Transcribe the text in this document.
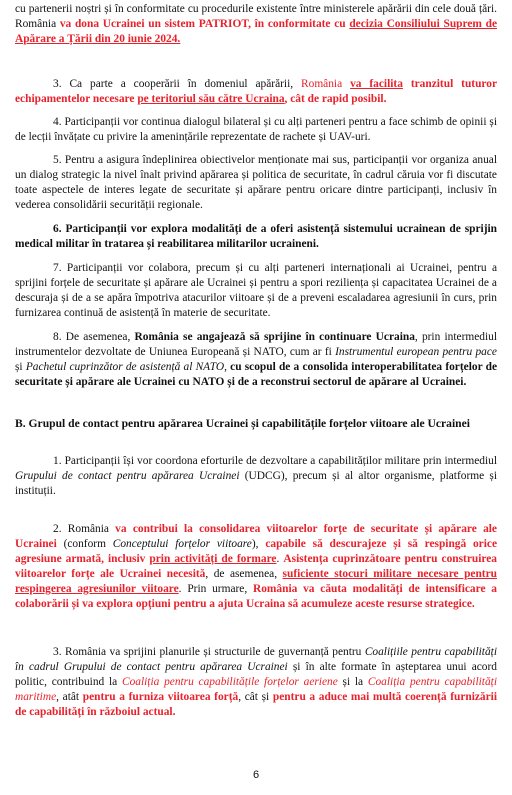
cu partenerii noștri și în conformitate cu procedurile existente între ministerele apărării din cele două țări. România va dona Ucrainei un sistem PATRIOT, în conformitate cu decizia Consiliului Suprem de Apărare a Țării din 20 iunie 2024.

3. Ca parte a cooperării în domeniul apărării, România va facilita tranzitul tuturor echipamentelor necesare pe teritoriul său către Ucraina, cât de rapid posibil.

4. Participanții vor continua dialogul bilateral și cu alți parteneri pentru a face schimb de opinii și de lecții învățate cu privire la amenințările reprezentate de rachete și UAV-uri.

5. Pentru a asigura îndeplinirea obiectivelor menționate mai sus, participanții vor organiza anual un dialog strategic la nivel înalt privind apărarea și politica de securitate, în cadrul căruia vor fi discutate toate aspectele de interes legate de securitate și apărare pentru oricare dintre participanți, inclusiv în vederea consolidării securității regionale.

6. Participanții vor explora modalități de a oferi asistență sistemului ucrainean de sprijin medical militar în tratarea și reabilitarea militarilor ucraineni.

7. Participanții vor colabora, precum și cu alți parteneri internaționali ai Ucrainei, pentru a sprijini forțele de securitate și apărare ale Ucrainei și pentru a spori reziliența și capacitatea Ucrainei de a descuraja și de a se apăra împotriva atacurilor viitoare și de a preveni escaladarea agresiunii în curs, prin furnizarea continuă de asistență în materie de securitate.

8. De asemenea, România se angajează să sprijine în continuare Ucraina, prin intermediul instrumentelor dezvoltate de Uniunea Europeană și NATO, cum ar fi Instrumentul european pentru pace și Pachetul cuprinzător de asistență al NATO, cu scopul de a consolida interoperabilitatea forțelor de securitate și apărare ale Ucrainei cu NATO și de a reconstrui sectorul de apărare al Ucrainei.

B. Grupul de contact pentru apărarea Ucrainei și capabilitățile forțelor viitoare ale Ucrainei

1. Participanții își vor coordona eforturile de dezvoltare a capabilităților militare prin intermediul Grupului de contact pentru apărarea Ucrainei (UDCG), precum și al altor organisme, platforme și instituții.

2. România va contribui la consolidarea viitoarelor forțe de securitate și apărare ale Ucrainei (conform Conceptului forțelor viitoare), capabile să descurajeze și să respingă orice agresiune armată, inclusiv prin activități de formare. Asistența cuprinzătoare pentru construirea viitoarelor forțe ale Ucrainei necesită, de asemenea, suficiente stocuri militare necesare pentru respingerea agresiunilor viitoare. Prin urmare, România va căuta modalități de intensificare a colaborării și va explora opțiuni pentru a ajuta Ucraina să acumuleze aceste resurse strategice.

3. România va sprijini planurile și structurile de guvernanță pentru Coalițiile pentru capabilități în cadrul Grupului de contact pentru apărarea Ucrainei și în alte formate în așteptarea unui acord politic, contribuind la Coaliția pentru capabilitățile forțelor aeriene și la Coaliția pentru capabilități maritime, atât pentru a furniza viitoarea forță, cât și pentru a aduce mai multă coerență furnizării de capabilități în războiul actual.

6
